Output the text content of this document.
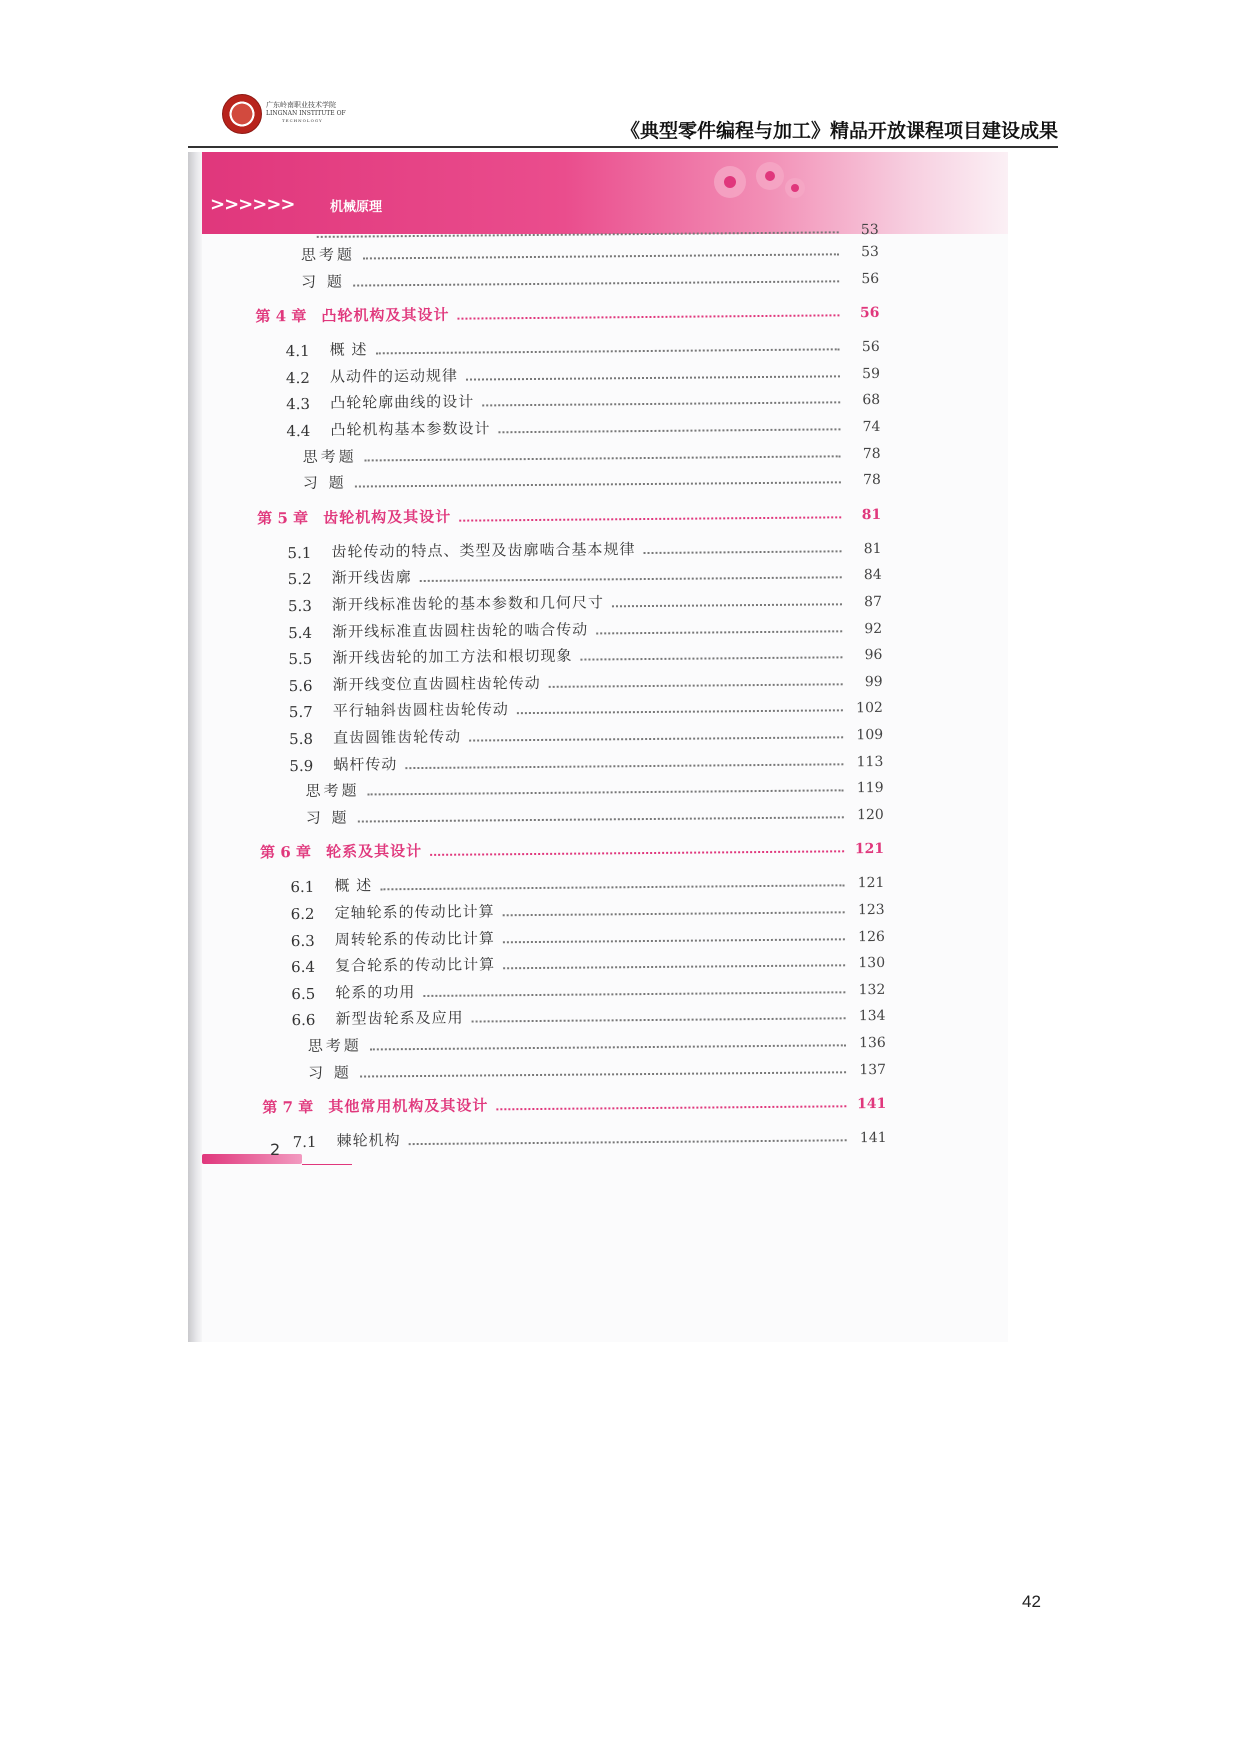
广东岭南职业技术学院
LINGNAN INSTITUTE OF
TECHNOLOGY	《典型零件编程与加工》精品开放课程项目建设成果
>>>>>>	机械原理
53
思考题	53
习 题	56
第 4 章 凸轮机构及其设计	56
4.1	概 述	56
4.2	从动件的运动规律	59
4.3	凸轮轮廓曲线的设计	68
4.4	凸轮机构基本参数设计	74
思考题	78
习 题	78
第 5 章 齿轮机构及其设计	81
5.1	齿轮传动的特点、类型及齿廓啮合基本规律	81
5.2	渐开线齿廓	84
5.3	渐开线标准齿轮的基本参数和几何尺寸	87
5.4	渐开线标准直齿圆柱齿轮的啮合传动	92
5.5	渐开线齿轮的加工方法和根切现象	96
5.6	渐开线变位直齿圆柱齿轮传动	99
5.7	平行轴斜齿圆柱齿轮传动	102
5.8	直齿圆锥齿轮传动	109
5.9	蜗杆传动	113
思考题	119
习 题	120
第 6 章 轮系及其设计	121
6.1	概 述	121
6.2	定轴轮系的传动比计算	123
6.3	周转轮系的传动比计算	126
6.4	复合轮系的传动比计算	130
6.5	轮系的功用	132
6.6	新型齿轮系及应用	134
思考题	136
习 题	137
第 7 章 其他常用机构及其设计	141
7.1	棘轮机构	141
2
42
